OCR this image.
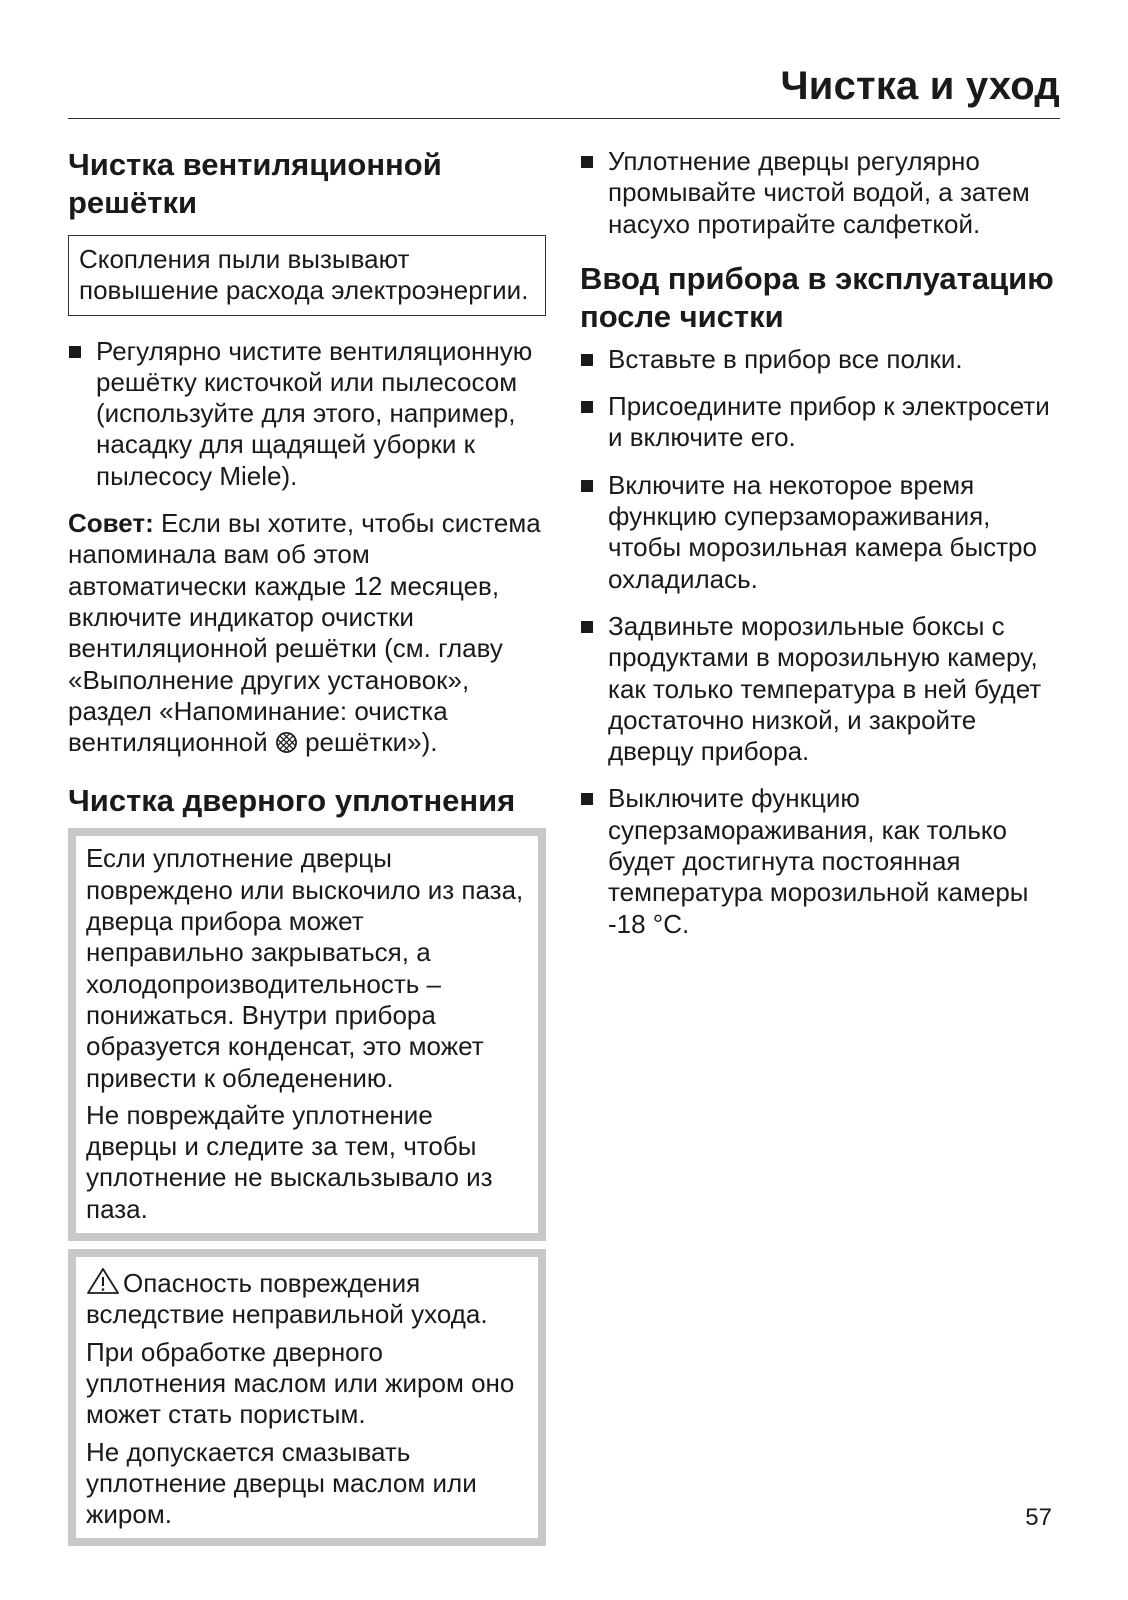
Чистка и уход
Чистка вентиляционной решётки

Скопления пыли вызывают повышение расхода электроэнергии.

Регулярно чистите вентиляционную решётку кисточкой или пылесосом (используйте для этого, например, насадку для щадящей уборки к пылесосу Miele).

Совет: Если вы хотите, чтобы система напоминала вам об этом автоматически каждые 12 месяцев, включите индикатор очистки вентиляционной решётки (см. главу «Выполнение других установок», раздел «Напоминание: очистка вентиляционной решётки»).

Чистка дверного уплотнения

Если уплотнение дверцы повреждено или выскочило из паза, дверца прибора может неправильно закрываться, а холодопроизводительность – понижаться. Внутри прибора образуется конденсат, это может привести к обледенению.

Не повреждайте уплотнение дверцы и следите за тем, чтобы уплотнение не выскальзывало из паза.

Опасность повреждения вследствие неправильной ухода.

При обработке дверного уплотнения маслом или жиром оно может стать пористым.

Не допускается смазывать уплотнение дверцы маслом или жиром.

Уплотнение дверцы регулярно промывайте чистой водой, а затем насухо протирайте салфеткой.
Ввод прибора в эксплуатацию после чистки
Вставьте в прибор все полки.
Присоедините прибор к электросети и включите его.
Включите на некоторое время функцию суперзамораживания, чтобы морозильная камера быстро охладилась.
Задвиньте морозильные боксы с продуктами в морозильную камеру, как только температура в ней будет достаточно низкой, и закройте дверцу прибора.
Выключите функцию суперзамораживания, как только будет достигнута постоянная температура морозильной камеры -18 °C.
57
